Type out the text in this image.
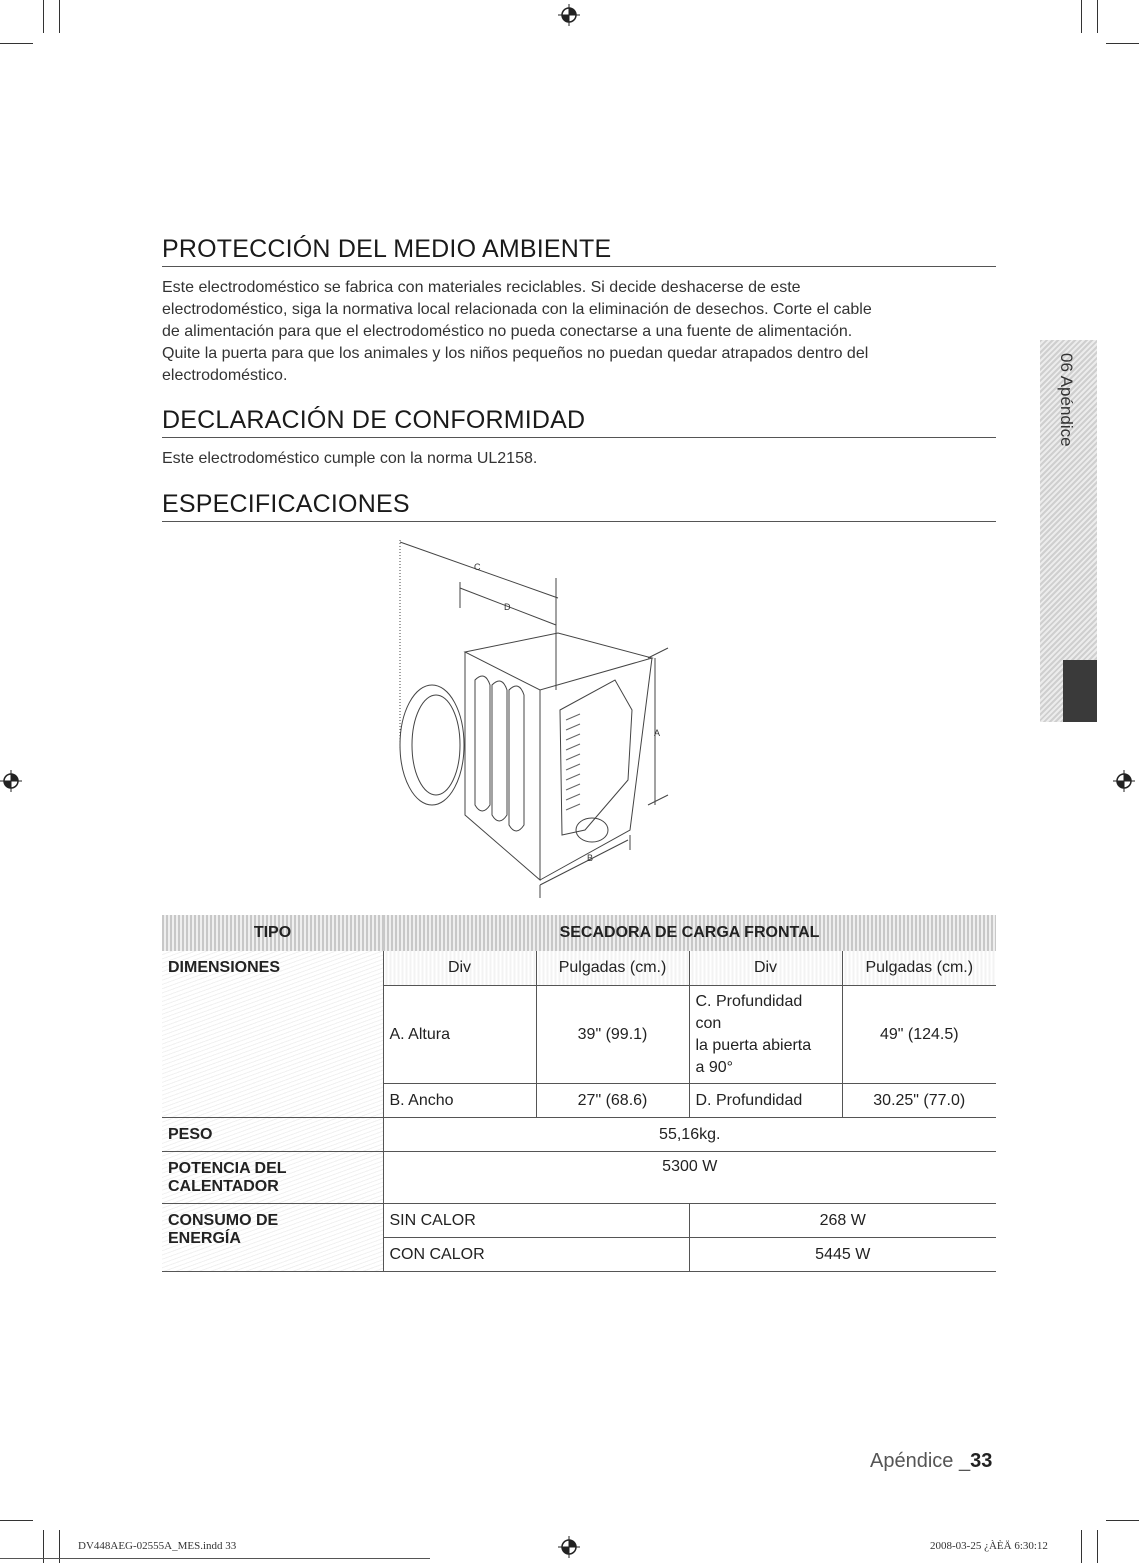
06 Apéndice
PROTECCIÓN DEL MEDIO AMBIENTE
Este electrodoméstico se fabrica con materiales reciclables. Si decide deshacerse de este
electrodoméstico, siga la normativa local relacionada con la eliminación de desechos. Corte el cable
de alimentación para que el electrodoméstico no pueda conectarse a una fuente de alimentación.
Quite la puerta para que los animales y los niños pequeños no puedan quedar atrapados dentro del
electrodoméstico.
DECLARACIÓN DE CONFORMIDAD
Este electrodoméstico cumple con la norma UL2158.
ESPECIFICACIONES
C
D
A
B
TIPO	SECADORA DE CARGA FRONTAL			
DIMENSIONES	Div	Pulgadas (cm.)	Div	Pulgadas (cm.)
	A. Altura	39" (99.1)	C. Profundidad
con
la puerta abierta
a 90°	49" (124.5)
	B. Ancho	27" (68.6)	D. Profundidad	30.25" (77.0)
PESO	55,16kg.			

POTENCIA DEL
CALENTADOR	5300 W			

CONSUMO DE
ENERGÍA	SIN CALOR		268 W	
	CON CALOR		5445 W	
Apéndice _33
DV448AEG-02555A_MES.indd 33	2008-03-25 ¿ÀÈÄ 6:30:12
